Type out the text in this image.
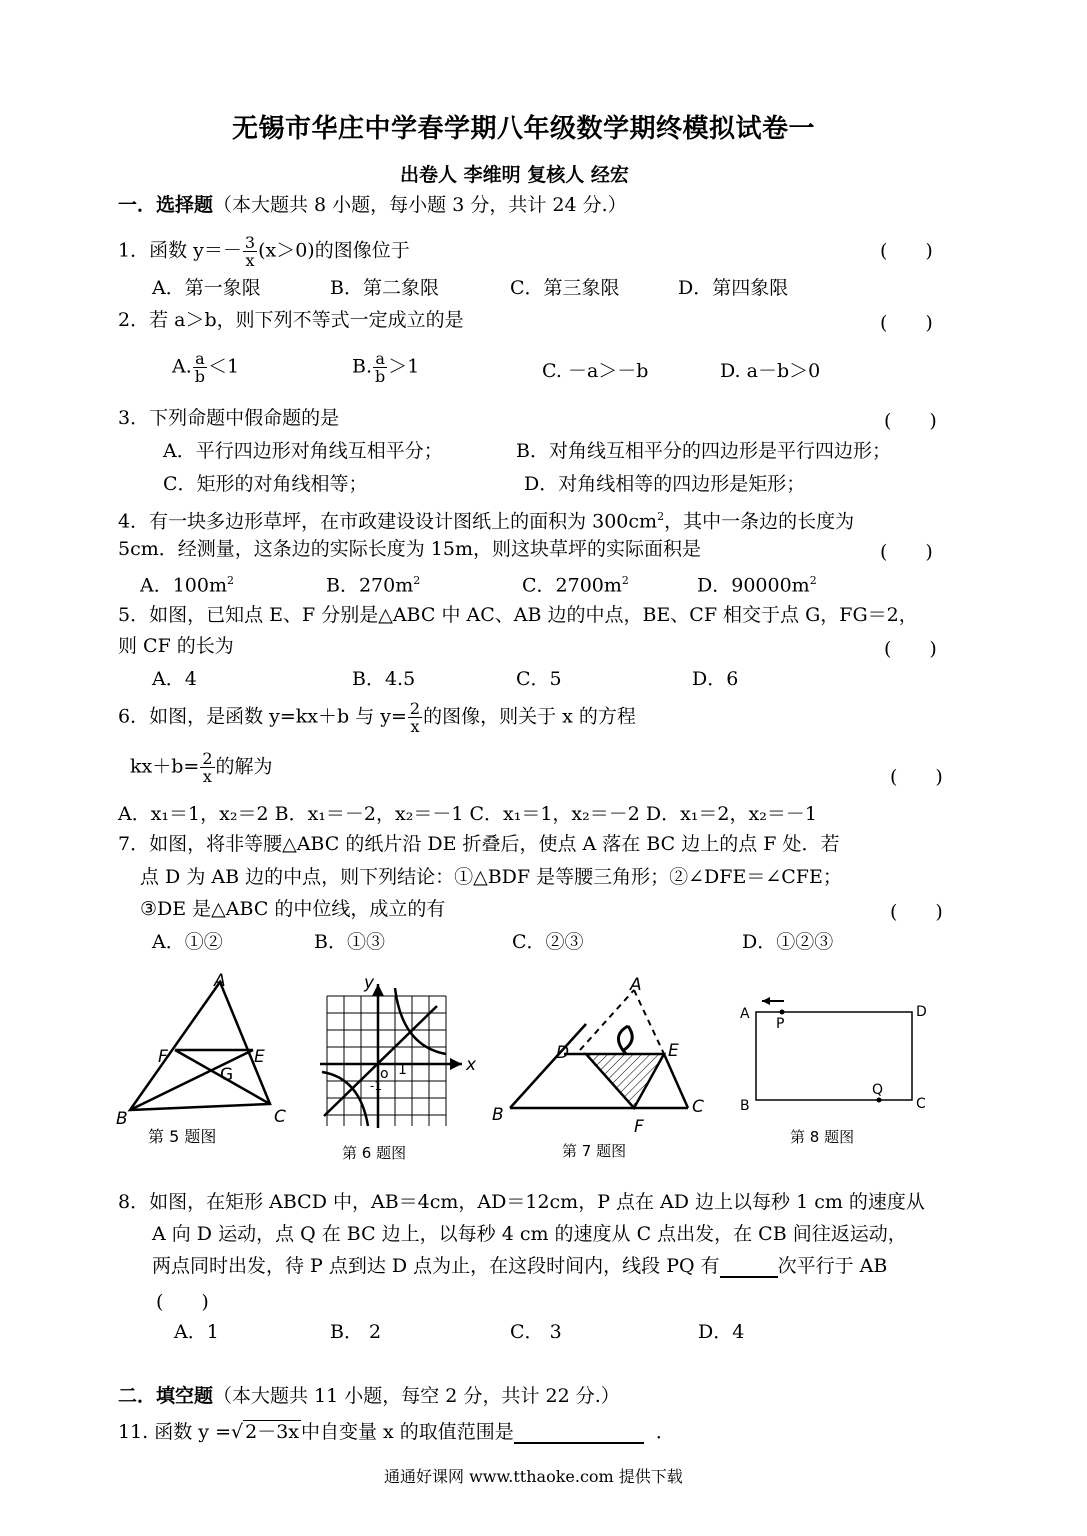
无锡市华庄中学春学期八年级数学期终模拟试卷一
出卷人 李维明 复核人 经宏
一．选择题（本大题共 8 小题，每小题 3 分，共计 24 分.）
1．函数 $y=- \frac{3}{x} (x>0)$的图像位于	(　　)
A．第一象限	B．第二象限	C．第三象限	D．第四象限
2．若 a＞b，则下列不等式一定成立的是	(　　)
A. $\frac{a}{b} <1$	B. $\frac{a}{b} >1$	C. －a＞－b	D. a－b＞0
3．下列命题中假命题的是	(　　)
A．平行四边形对角线互相平分；	B．对角线互相平分的四边形是平行四边形；
C．矩形的对角线相等；	D．对角线相等的四边形是矩形；
4．有一块多边形草坪，在市政建设设计图纸上的面积为 $300cm^2$，其中一条边的长度为
5cm．经测量，这条边的实际长度为 15m，则这块草坪的实际面积是	(　　)
A．$100m^2$	B．$270m^2$	C．$2700m^2$	D．$90000m^2$
5．如图，已知点 E、F 分别是△ABC 中 AC、AB 边的中点，BE、CF 相交于点 G，FG＝2，
则 CF 的长为	(　　)
A．4	B．4.5	C．5	D．6
6．如图，是函数 y=kx＋b 与 $y= \frac{2}{x}$ 的图像，则关于 x 的方程
$kx+b= \frac{2}{x}$ 的解为	(　　)
A．x₁＝1，x₂＝2 B．x₁＝－2，x₂＝－1 C．x₁＝1，x₂＝－2 D．x₁＝2，x₂＝－1
7．如图，将非等腰△ABC 的纸片沿 DE 折叠后，使点 A 落在 BC 边上的点 F 处．若
点 D 为 AB 边的中点，则下列结论：①△BDF 是等腰三角形；②∠DFE＝∠CFE；
③DE 是△ABC 的中位线，成立的有	(　　)
A．①②	B．①③	C．②③	D．①②③
A
B	C
F	E
G
第 5 题图
y
x
o 1
-1
第 6 题图
A
B	C
D	E
F
第 7 题图
A	D
B	C
P
Q
第 8 题图
8．如图，在矩形 ABCD 中，AB＝4cm，AD＝12cm，P 点在 AD 边上以每秒 1 cm 的速度从
A 向 D 运动，点 Q 在 BC 边上，以每秒 4 cm 的速度从 C 点出发，在 CB 间往返运动，
两点同时出发，待 P 点到达 D 点为止，在这段时间内，线段 PQ 有	次平行于 AB
(　　)
A．1	B． 2	C． 3	D．4
二．填空题（本大题共 11 小题，每空 2 分，共计 22 分.）
11. 函数 y =√ 2－3x 中自变量 x 的取值范围是	．
通通好课网 www.tthaoke.com 提供下载
